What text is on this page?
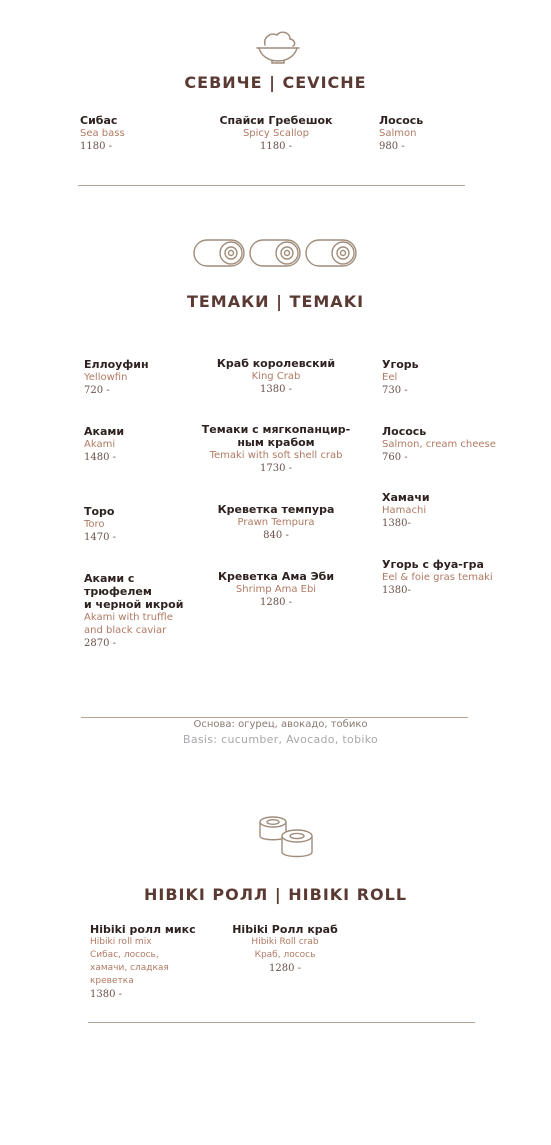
СЕВИЧЕ | CEVICHE
Сибас
Sea bass
1180 -
Спайси Гребешок
Spicy Scallop
1180 -
Лосось
Salmon
980 -
ТЕМАКИ | TEMAKI
Еллоуфин
Yellowfin
720 -
Аками
Akami
1480 -
Торо
Toro
1470 -
Аками с
трюфелем
и черной икрой
Akami with truffle
and black caviar
2870 -
Краб королевский
King Crab
1380 -
Темаки с мягкопанцир-
ным крабом
Temaki with soft shell crab
1730 -
Креветка темпура
Prawn Tempura
840 -
Креветка Ама Эби
Shrimp Ama Ebi
1280 -
Угорь
Eel
730 -
Лосось
Salmon, cream cheese
760 -
Хамачи
Hamachi
1380-
Угорь с фуа-гра
Eel & foie gras temaki
1380-
Основа: огурец, авокадо, тобико
Basis: cucumber, Avocado, tobiko
HIBIKI РОЛЛ | HIBIKI ROLL
Hibiki ролл микс
Hibiki roll mix
Сибас, лосось,
хамачи, сладкая
креветка
1380 -
Hibiki Ролл краб
Hibiki Roll crab
Краб, лосось
1280 -
